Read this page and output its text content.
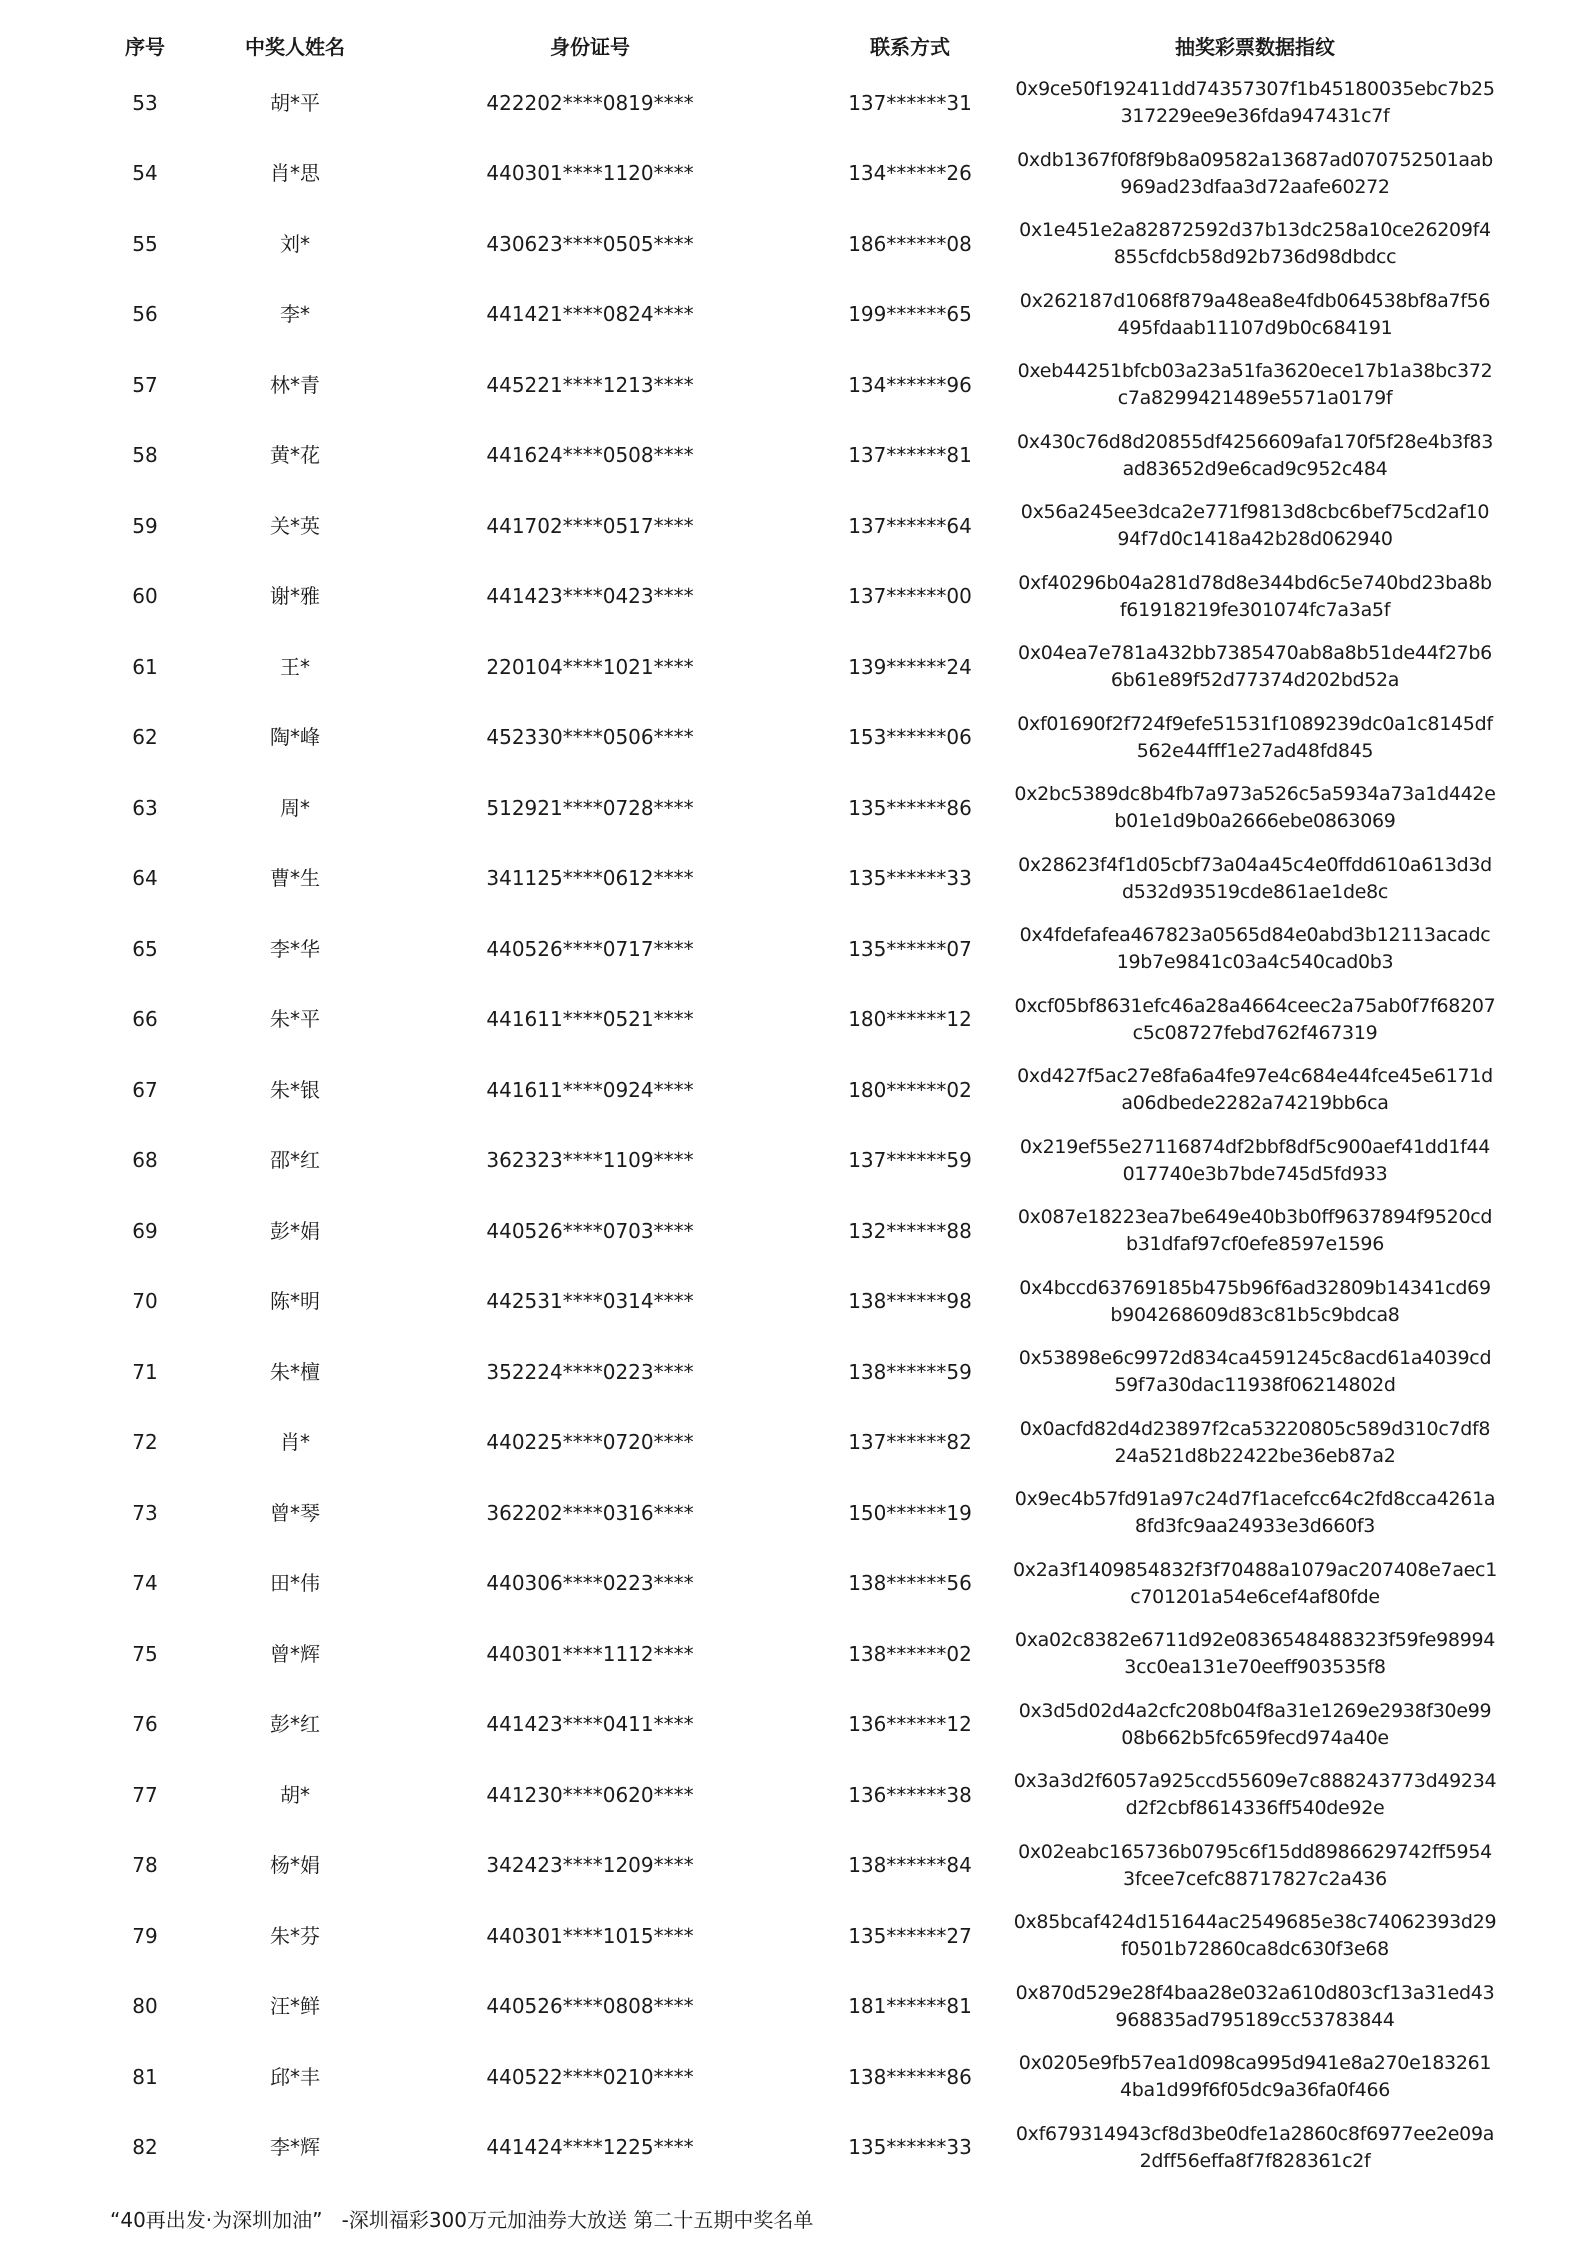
序号	中奖人姓名	身份证号	联系方式	抽奖彩票数据指纹
53	胡*平	422202****0819****	137******31	0x9ce50f192411dd74357307f1b45180035ebc7b25
317229ee9e36fda947431c7f

54	肖*思	440301****1120****	134******26	0xdb1367f0f8f9b8a09582a13687ad070752501aab
969ad23dfaa3d72aafe60272

55	刘*	430623****0505****	186******08	0x1e451e2a82872592d37b13dc258a10ce26209f4
855cfdcb58d92b736d98dbdcc

56	李*	441421****0824****	199******65	0x262187d1068f879a48ea8e4fdb064538bf8a7f56
495fdaab11107d9b0c684191

57	林*青	445221****1213****	134******96	0xeb44251bfcb03a23a51fa3620ece17b1a38bc372
c7a8299421489e5571a0179f

58	黄*花	441624****0508****	137******81	0x430c76d8d20855df4256609afa170f5f28e4b3f83
ad83652d9e6cad9c952c484

59	关*英	441702****0517****	137******64	0x56a245ee3dca2e771f9813d8cbc6bef75cd2af10
94f7d0c1418a42b28d062940

60	谢*雅	441423****0423****	137******00	0xf40296b04a281d78d8e344bd6c5e740bd23ba8b
f61918219fe301074fc7a3a5f

61	王*	220104****1021****	139******24	0x04ea7e781a432bb7385470ab8a8b51de44f27b6
6b61e89f52d77374d202bd52a

62	陶*峰	452330****0506****	153******06	0xf01690f2f724f9efe51531f1089239dc0a1c8145df
562e44fff1e27ad48fd845

63	周*	512921****0728****	135******86	0x2bc5389dc8b4fb7a973a526c5a5934a73a1d442e
b01e1d9b0a2666ebe0863069

64	曹*生	341125****0612****	135******33	0x28623f4f1d05cbf73a04a45c4e0ffdd610a613d3d
d532d93519cde861ae1de8c

65	李*华	440526****0717****	135******07	0x4fdefafea467823a0565d84e0abd3b12113acadc
19b7e9841c03a4c540cad0b3

66	朱*平	441611****0521****	180******12	0xcf05bf8631efc46a28a4664ceec2a75ab0f7f68207
c5c08727febd762f467319

67	朱*银	441611****0924****	180******02	0xd427f5ac27e8fa6a4fe97e4c684e44fce45e6171d
a06dbede2282a74219bb6ca

68	邵*红	362323****1109****	137******59	0x219ef55e27116874df2bbf8df5c900aef41dd1f44
017740e3b7bde745d5fd933

69	彭*娟	440526****0703****	132******88	0x087e18223ea7be649e40b3b0ff9637894f9520cd
b31dfaf97cf0efe8597e1596

70	陈*明	442531****0314****	138******98	0x4bccd63769185b475b96f6ad32809b14341cd69
b904268609d83c81b5c9bdca8

71	朱*檀	352224****0223****	138******59	0x53898e6c9972d834ca4591245c8acd61a4039cd
59f7a30dac11938f06214802d

72	肖*	440225****0720****	137******82	0x0acfd82d4d23897f2ca53220805c589d310c7df8
24a521d8b22422be36eb87a2

73	曾*琴	362202****0316****	150******19	0x9ec4b57fd91a97c24d7f1acefcc64c2fd8cca4261a
8fd3fc9aa24933e3d660f3

74	田*伟	440306****0223****	138******56	0x2a3f1409854832f3f70488a1079ac207408e7aec1
c701201a54e6cef4af80fde

75	曾*辉	440301****1112****	138******02	0xa02c8382e6711d92e0836548488323f59fe98994
3cc0ea131e70eeff903535f8

76	彭*红	441423****0411****	136******12	0x3d5d02d4a2cfc208b04f8a31e1269e2938f30e99
08b662b5fc659fecd974a40e

77	胡*	441230****0620****	136******38	0x3a3d2f6057a925ccd55609e7c888243773d49234
d2f2cbf8614336ff540de92e

78	杨*娟	342423****1209****	138******84	0x02eabc165736b0795c6f15dd8986629742ff5954
3fcee7cefc88717827c2a436

79	朱*芬	440301****1015****	135******27	0x85bcaf424d151644ac2549685e38c74062393d29
f0501b72860ca8dc630f3e68

80	汪*鲜	440526****0808****	181******81	0x870d529e28f4baa28e032a610d803cf13a31ed43
968835ad795189cc53783844

81	邱*丰	440522****0210****	138******86	0x0205e9fb57ea1d098ca995d941e8a270e183261
4ba1d99f6f05dc9a36fa0f466

82	李*辉	441424****1225****	135******33	0xf679314943cf8d3be0dfe1a2860c8f6977ee2e09a
2dff56effa8f7f828361c2f
“40再出发·为深圳加油”   -深圳福彩300万元加油券大放送 第二十五期中奖名单
